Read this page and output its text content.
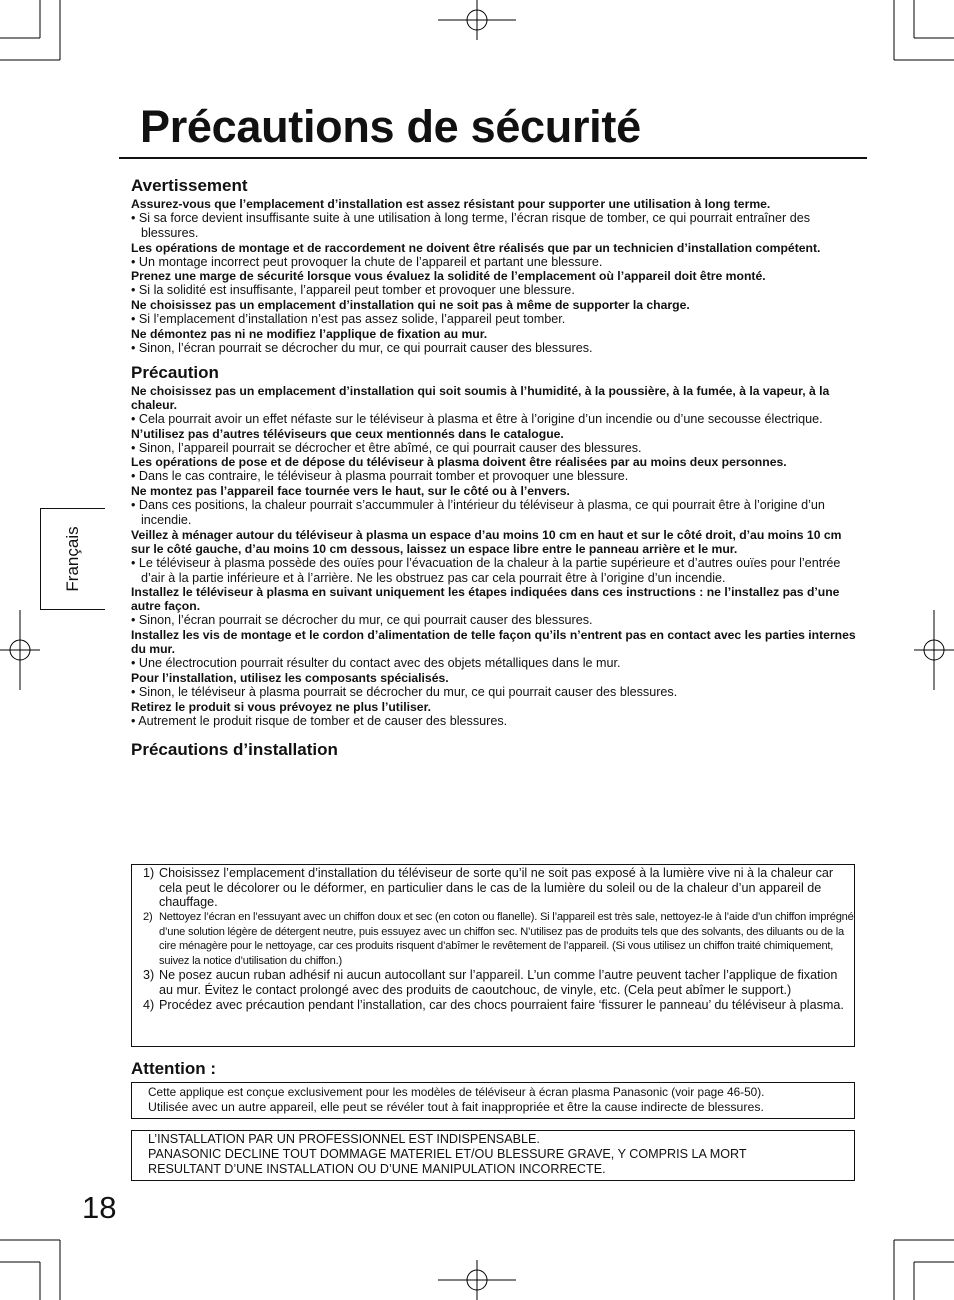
Précautions de sécurité
Français

Avertissement

Assurez-vous que l’emplacement d’installation est assez résistant pour supporter une utilisation à long terme.

• Si sa force devient insuffisante suite à une utilisation à long terme, l’écran risque de tomber, ce qui pourrait entraîner des blessures.

Les opérations de montage et de raccordement ne doivent être réalisés que par un technicien d’installation compétent.

• Un montage incorrect peut provoquer la chute de l’appareil et partant une blessure.

Prenez une marge de sécurité lorsque vous évaluez la solidité de l’emplacement où l’appareil doit être monté.

• Si la solidité est insuffisante, l’appareil peut tomber et provoquer une blessure.

Ne choisissez pas un emplacement d’installation qui ne soit pas à même de supporter la charge.

• Si l’emplacement d’installation n’est pas assez solide, l’appareil peut tomber.

Ne démontez pas ni ne modifiez l’applique de fixation au mur.

• Sinon, l’écran pourrait se décrocher du mur, ce qui pourrait causer des blessures.

Précaution

Ne choisissez pas un emplacement d’installation qui soit soumis à l’humidité, à la poussière, à la fumée, à la vapeur, à la chaleur.

• Cela pourrait avoir un effet néfaste sur le téléviseur à plasma et être à l’origine d’un incendie ou d’une secousse électrique.

N’utilisez pas d’autres téléviseurs que ceux mentionnés dans le catalogue.

• Sinon, l’appareil pourrait se décrocher et être abîmé, ce qui pourrait causer des blessures.

Les opérations de pose et de dépose du téléviseur à plasma doivent être réalisées par au moins deux personnes.

• Dans le cas contraire, le téléviseur à plasma pourrait tomber et provoquer une blessure.

Ne montez pas l’appareil face tournée vers le haut, sur le côté ou à l’envers.

• Dans ces positions, la chaleur pourrait s’accummuler à l’intérieur du téléviseur à plasma, ce qui pourrait être à l’origine d’un incendie.

Veillez à ménager autour du téléviseur à plasma un espace d’au moins 10 cm en haut et sur le côté droit, d’au moins 10 cm sur le côté gauche, d’au moins 10 cm dessous, laissez un espace libre entre le panneau arrière et le mur.

• Le téléviseur à plasma possède des ouïes pour l’évacuation de la chaleur à la partie supérieure et d’autres ouïes pour l’entrée d’air à la partie inférieure et à l’arrière. Ne les obstruez pas car cela pourrait être à l’origine d’un incendie.

Installez le téléviseur à plasma en suivant uniquement les étapes indiquées dans ces instructions : ne l’installez pas d’une autre façon.

• Sinon, l’écran pourrait se décrocher du mur, ce qui pourrait causer des blessures.

Installez les vis de montage et le cordon d’alimentation de telle façon qu’ils n’entrent pas en contact avec les parties internes du mur.

• Une électrocution pourrait résulter du contact avec des objets métalliques dans le mur.

Pour l’installation, utilisez les composants spécialisés.

• Sinon, le téléviseur à plasma pourrait se décrocher du mur, ce qui pourrait causer des blessures.

Retirez le produit si vous prévoyez ne plus l’utiliser.

• Autrement le produit risque de tomber et de causer des blessures.

Précautions d’installation

1) Choisissez l’emplacement d’installation du téléviseur de sorte qu’il ne soit pas exposé à la lumière vive ni à la chaleur car cela peut le décolorer ou le déformer, en particulier dans le cas de la lumière du soleil ou de la chaleur d’un appareil de chauffage.
2) Nettoyez l’écran en l’essuyant avec un chiffon doux et sec (en coton ou flanelle). Si l’appareil est très sale, nettoyez-le à l’aide d’un chiffon imprégné d’une solution légère de détergent neutre, puis essuyez avec un chiffon sec. N’utilisez pas de produits tels que des solvants, des diluants ou de la cire ménagère pour le nettoyage, car ces produits risquent d’abîmer le revêtement de l’appareil. (Si vous utilisez un chiffon traité chimiquement, suivez la notice d’utilisation du chiffon.)
3) Ne posez aucun ruban adhésif ni aucun autocollant sur l’appareil. L’un comme l’autre peuvent tacher l’applique de fixation au mur. Évitez le contact prolongé avec des produits de caoutchouc, de vinyle, etc. (Cela peut abîmer le support.)
4) Procédez avec précaution pendant l’installation, car des chocs pourraient faire ‘fissurer le panneau’ du téléviseur à plasma.

Attention :

Cette applique est conçue exclusivement pour les modèles de téléviseur à écran plasma Panasonic (voir page 46-50).

Utilisée avec un autre appareil, elle peut se révéler tout à fait inappropriée et être la cause indirecte de blessures.

L’INSTALLATION PAR UN PROFESSIONNEL EST INDISPENSABLE.

PANASONIC DECLINE TOUT DOMMAGE MATERIEL ET/OU BLESSURE GRAVE, Y COMPRIS LA MORT

RESULTANT D’UNE INSTALLATION OU D’UNE MANIPULATION INCORRECTE.

18
